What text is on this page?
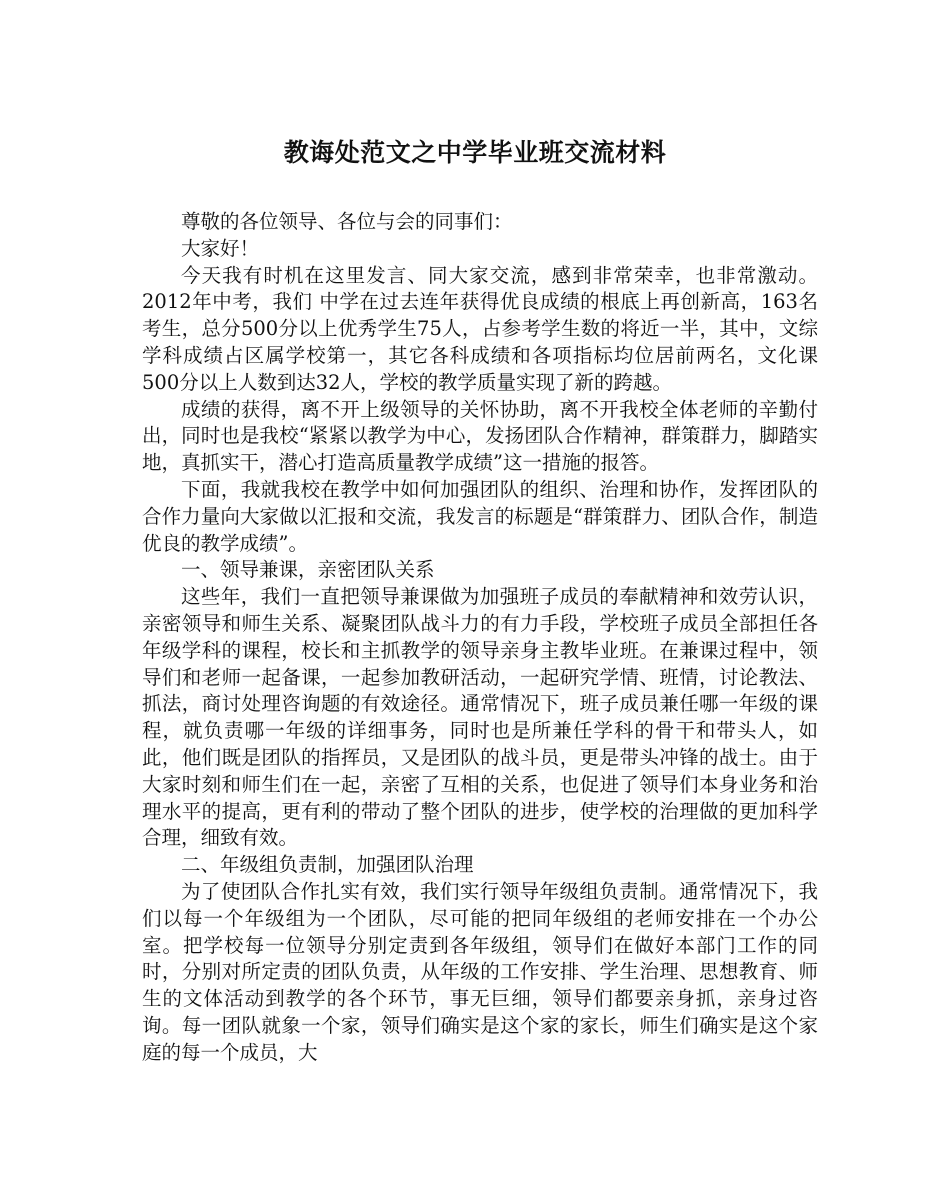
教诲处范文之中学毕业班交流材料

尊敬的各位领导、各位与会的同事们：

大家好！

今天我有时机在这里发言、同大家交流，感到非常荣幸，也非常激动。2012年中考，我们 中学在过去连年获得优良成绩的根底上再创新高，163名考生，总分500分以上优秀学生75人，占参考学生数的将近一半，其中，文综学科成绩占区属学校第一，其它各科成绩和各项指标均位居前两名，文化课500分以上人数到达32人，学校的教学质量实现了新的跨越。

成绩的获得，离不开上级领导的关怀协助，离不开我校全体老师的辛勤付出，同时也是我校“紧紧以教学为中心，发扬团队合作精神，群策群力，脚踏实地，真抓实干，潜心打造高质量教学成绩”这一措施的报答。

下面，我就我校在教学中如何加强团队的组织、治理和协作，发挥团队的合作力量向大家做以汇报和交流，我发言的标题是“群策群力、团队合作，制造优良的教学成绩”。

一、领导兼课，亲密团队关系

这些年，我们一直把领导兼课做为加强班子成员的奉献精神和效劳认识，亲密领导和师生关系、凝聚团队战斗力的有力手段，学校班子成员全部担任各年级学科的课程，校长和主抓教学的领导亲身主教毕业班。在兼课过程中，领导们和老师一起备课，一起参加教研活动，一起研究学情、班情，讨论教法、抓法，商讨处理咨询题的有效途径。通常情况下，班子成员兼任哪一年级的课程，就负责哪一年级的详细事务，同时也是所兼任学科的骨干和带头人，如此，他们既是团队的指挥员，又是团队的战斗员，更是带头冲锋的战士。由于大家时刻和师生们在一起，亲密了互相的关系，也促进了领导们本身业务和治理水平的提高，更有利的带动了整个团队的进步，使学校的治理做的更加科学合理，细致有效。

二、年级组负责制，加强团队治理

为了使团队合作扎实有效，我们实行领导年级组负责制。通常情况下，我们以每一个年级组为一个团队，尽可能的把同年级组的老师安排在一个办公室。把学校每一位领导分别定责到各年级组，领导们在做好本部门工作的同时，分别对所定责的团队负责，从年级的工作安排、学生治理、思想教育、师生的文体活动到教学的各个环节，事无巨细，领导们都要亲身抓，亲身过咨询。每一团队就象一个家，领导们确实是这个家的家长，师生们确实是这个家庭的每一个成员，大
